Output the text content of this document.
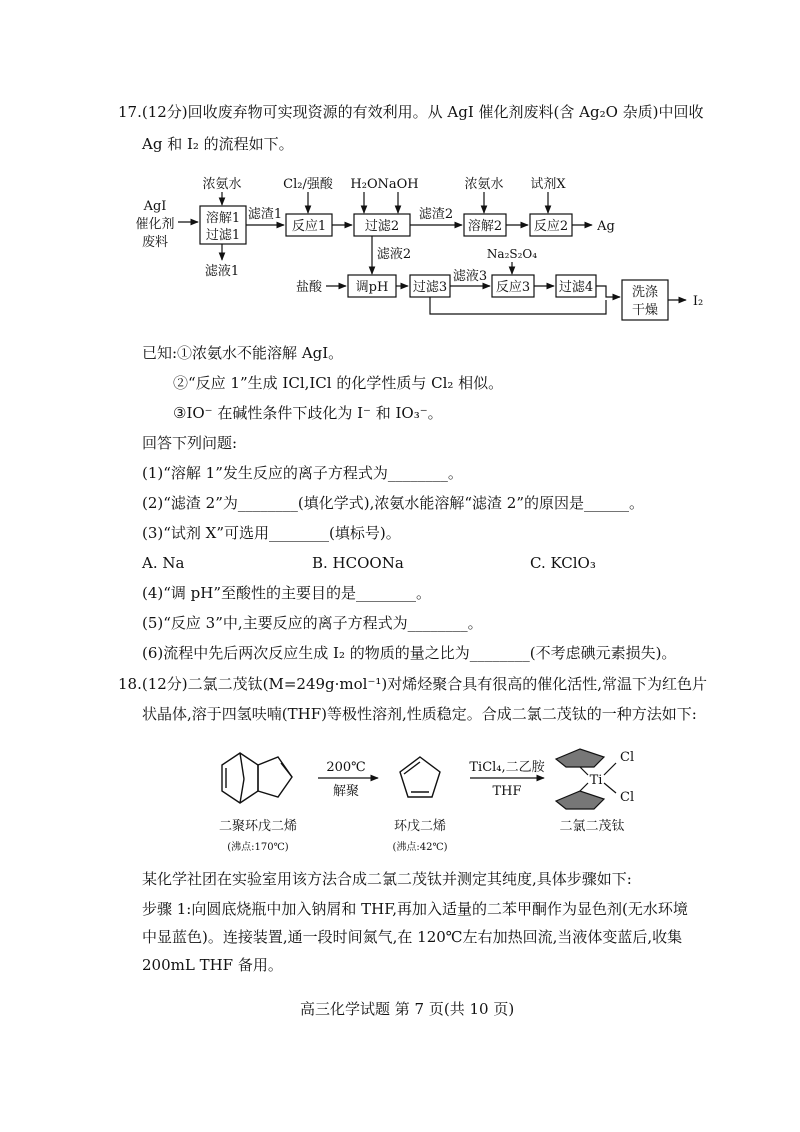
17.(12分)回收废弃物可实现资源的有效利用。从 AgI 催化剂废料(含 Ag₂O 杂质)中回收
Ag 和 I₂ 的流程如下。
AgI
催化剂
废料
浓氨水
溶解1
过滤1
滤液1
滤渣1
Cl₂/强酸
反应1
H₂O NaOH
过滤2
滤渣2
浓氨水
溶解2
试剂X
反应2 Ag
滤液2
盐酸	调pH 过滤3
滤液3
Na₂S₂O₄
反应3 过滤4	洗涤
干燥
I₂
已知:①浓氨水不能溶解 AgI。
②“反应 1”生成 ICl,ICl 的化学性质与 Cl₂ 相似。
③IO⁻ 在碱性条件下歧化为 I⁻ 和 IO₃⁻。
回答下列问题:
(1)“溶解 1”发生反应的离子方程式为________。
(2)“滤渣 2”为________(填化学式),浓氨水能溶解“滤渣 2”的原因是______。
(3)“试剂 X”可选用________(填标号)。
A. Na	B. HCOONa	C. KClO₃
(4)“调 pH”至酸性的主要目的是________。
(5)“反应 3”中,主要反应的离子方程式为________。
(6)流程中先后两次反应生成 I₂ 的物质的量之比为________(不考虑碘元素损失)。
18.(12分)二氯二茂钛(M=249g·mol⁻¹)对烯烃聚合具有很高的催化活性,常温下为红色片
状晶体,溶于四氢呋喃(THF)等极性溶剂,性质稳定。合成二氯二茂钛的一种方法如下:
200℃
解聚
TiCl₄,二乙胺
THF
Ti
Cl
Cl
二聚环戊二烯
(沸点:170℃)
环戊二烯
(沸点:42℃)
二氯二茂钛
某化学社团在实验室用该方法合成二氯二茂钛并测定其纯度,具体步骤如下:
步骤 1:向圆底烧瓶中加入钠屑和 THF,再加入适量的二苯甲酮作为显色剂(无水环境
中显蓝色)。连接装置,通一段时间氮气,在 120℃左右加热回流,当液体变蓝后,收集
200mL THF 备用。
高三化学试题 第 7 页(共 10 页)
